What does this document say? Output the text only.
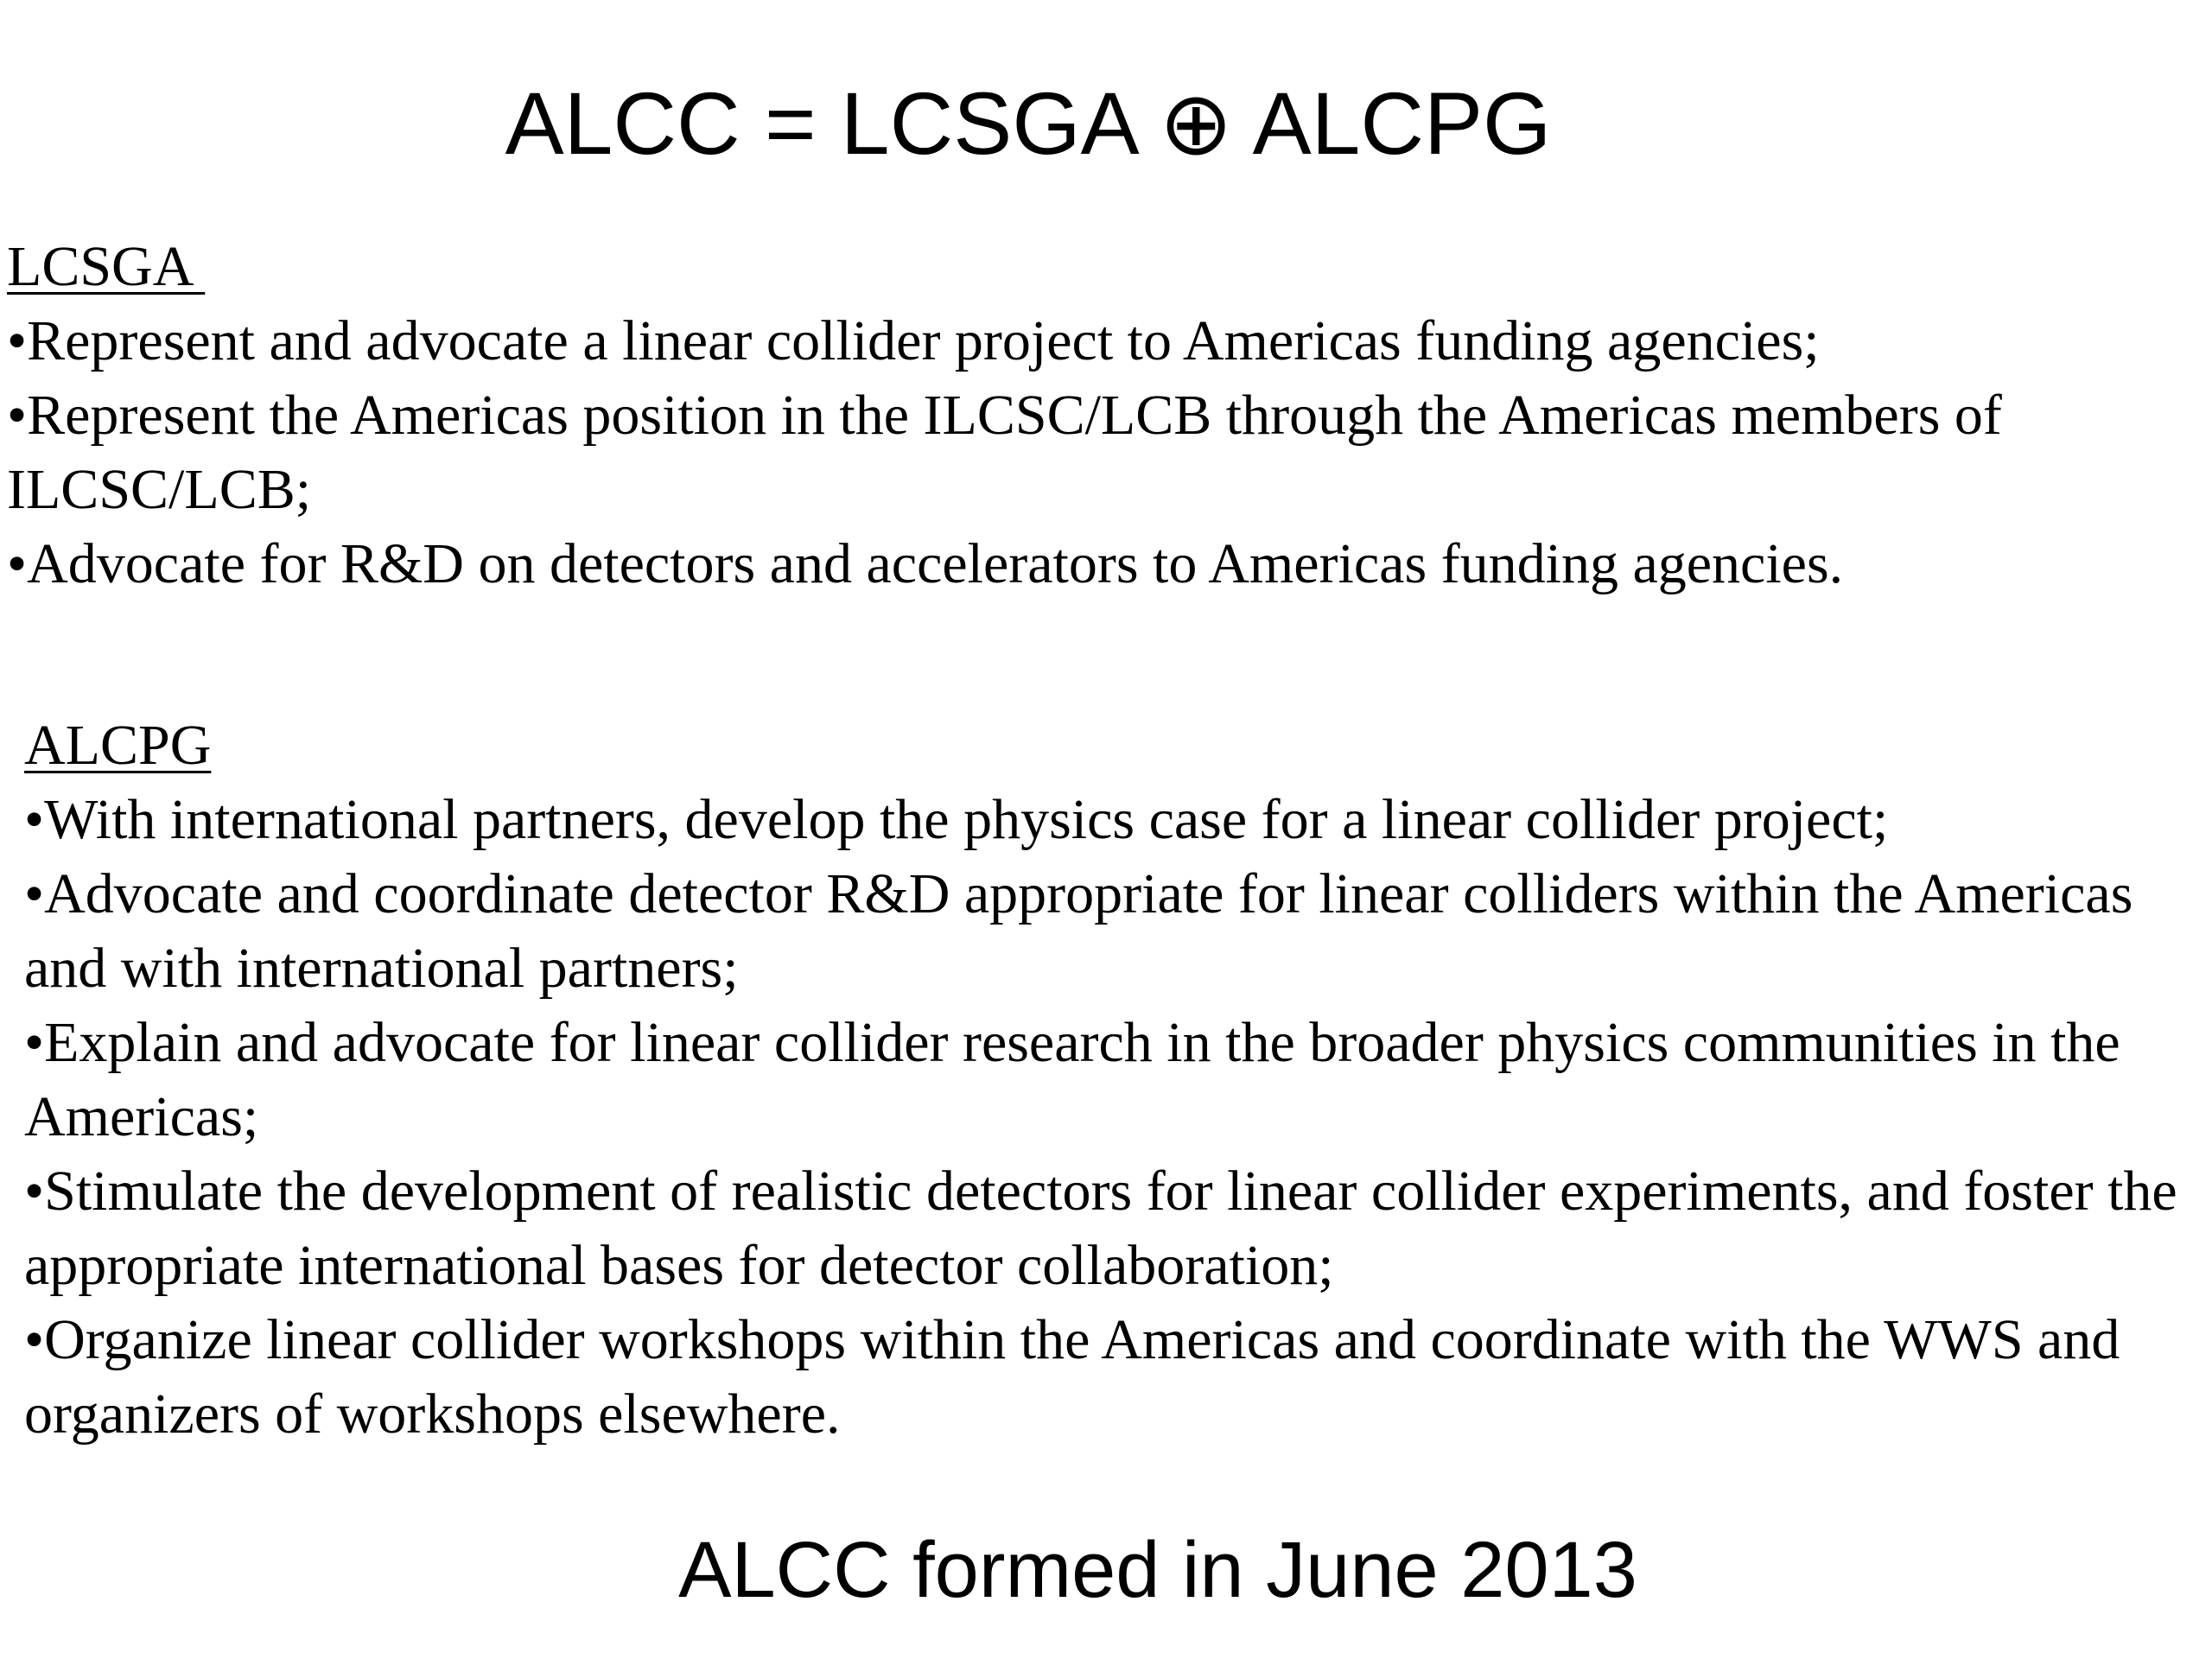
ALCC = LCSGA ⊕ ALCPG
LCSGA
•Represent and advocate a linear collider project to Americas funding agencies;
•Represent the Americas position in the ILCSC/LCB through the Americas members of ILCSC/LCB;
•Advocate for R&D on detectors and accelerators to Americas funding agencies.
ALCPG
•With international partners, develop the physics case for a linear collider project;
•Advocate and coordinate detector R&D appropriate for linear colliders within the Americas and with international partners;
•Explain and advocate for linear collider research in the broader physics communities in the Americas;
•Stimulate the development of realistic detectors for linear collider experiments, and foster the appropriate international bases for detector collaboration;
•Organize linear collider workshops within the Americas and coordinate with the WWS and organizers of workshops elsewhere.
ALCC formed in June 2013
